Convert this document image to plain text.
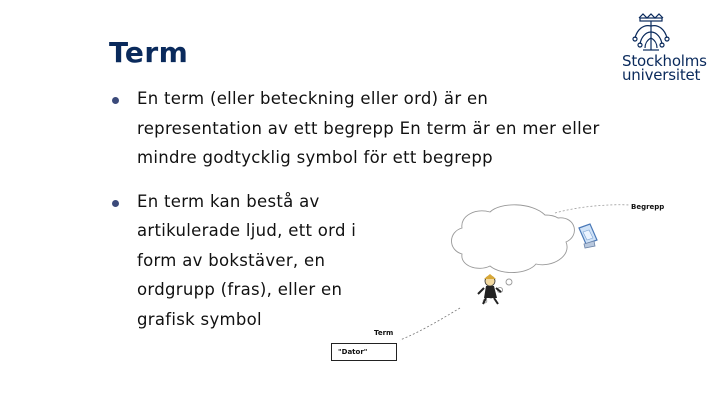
Term	Stockholms
universitet
En term (eller beteckning eller ord) är en
representation av ett begrepp En term är en mer eller
mindre godtycklig symbol för ett begrepp
En term kan bestå av
artikulerade ljud, ett ord i
form av bokstäver, en
ordgrupp (fras), eller en
grafisk symbol
Begrepp
Term
"Dator"
